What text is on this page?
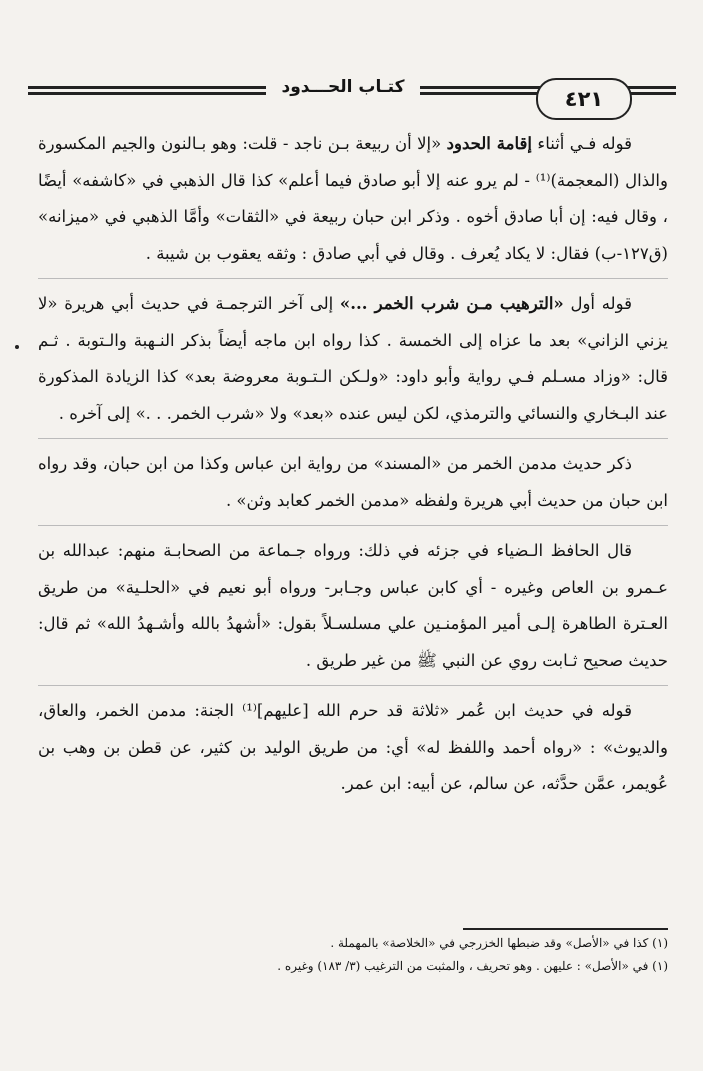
كتـاب الحـــدود	٤٢١

قوله فـي أثناء إقامة الحدود «إلا أن ربيعة بـن ناجد - قلت: وهو بـالنون والجيم المكسورة والذال (المعجمة)⁽¹⁾ - لم يرو عنه إلا أبو صادق فيما أعلم» كذا قال الذهبي في «كاشفه» أيضًا ، وقال فيه: إن أبا صادق أخوه . وذكر ابن حبان ربيعة في «الثقات» وأمَّا الذهبي في «ميزانه» (ق١٢٧-ب) فقال: لا يكاد يُعرف . وقال في أبي صادق : وثقه يعقوب بن شيبة .

قوله أول «الترهيب مـن شرب الخمر ...» إلى آخر الترجمـة في حديث أبي هريرة «لا يزني الزاني» بعد ما عزاه إلى الخمسة . كذا رواه ابن ماجه أيضاً بذكر النـهبة والـتوبة . ثـم قال: «وزاد مسـلم فـي رواية وأبو داود: «ولـكن الـتـوبة معروضة بعد» كذا الزيادة المذكورة عند البـخاري والنسائي والترمذي، لكن ليس عنده «بعد» ولا «شرب الخمر. . .» إلى آخره .

ذكر حديث مدمن الخمر من «المسند» من رواية ابن عباس وكذا من ابن حبان، وقد رواه ابن حبان من حديث أبي هريرة ولفظه «مدمن الخمر كعابد وثن» .

قال الحافظ الـضياء في جزئه في ذلك: ورواه جـماعة من الصحابـة منهم: عبدالله بن عـمرو بن العاص وغيره - أي كابن عباس وجـابر- ورواه أبو نعيم في «الحلـية» من طريق العـترة الطاهرة إلـى أمير المؤمنـين علي مسلسـلاً بقول: «أشهدُ بالله وأشـهدُ الله» ثم قال: حديث صحيح ثـابت روي عن النبي ﷺ من غير طريق .

قوله في حديث ابن عُمر «ثلاثة قد حرم الله [عليهم]⁽¹⁾ الجنة: مدمن الخمر، والعاق، والديوث» : «رواه أحمد واللفظ له» أي: من طريق الوليد بن كثير، عن قطن بن وهب بن عُويمر، عمَّن حدَّثه، عن سالم، عن أبيه: ابن عمر.

(١) كذا في «الأصل» وقد ضبطها الخزرجي في «الخلاصة» بالمهملة .
(١) في «الأصل» : عليهن . وهو تحريف ، والمثبت من الترغيب (٣/ ١٨٣) وغيره .
